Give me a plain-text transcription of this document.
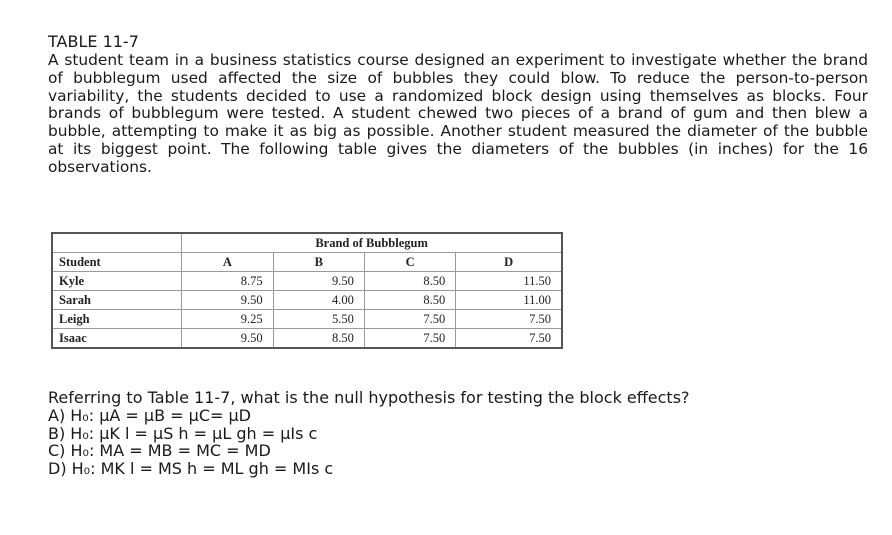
TABLE 11-7

A student team in a business statistics course designed an experiment to investigate whether the brand of bubblegum used affected the size of bubbles they could blow. To reduce the person-to-person variability, the students decided to use a randomized block design using themselves as blocks. Four brands of bubblegum were tested. A student chewed two pieces of a brand of gum and then blew a bubble, attempting to make it as big as possible. Another student measured the diameter of the bubble at its biggest point. The following table gives the diameters of the bubbles (in inches) for the 16 observations.

	Brand of Bubblegum			
Student	A	B	C	D
Kyle	8.75	9.50	8.50	11.50
Sarah	9.50	4.00	8.50	11.00
Leigh	9.25	5.50	7.50	7.50
Isaac	9.50	8.50	7.50	7.50
Referring to Table 11-7, what is the null hypothesis for testing the block effects?
A) H₀: μA = μB = μC= μD
B) H₀: μK l = μS h = μL gh = μIs c
C) H₀: MA = MB = MC = MD
D) H₀: MK l = MS h = ML gh = MIs c
